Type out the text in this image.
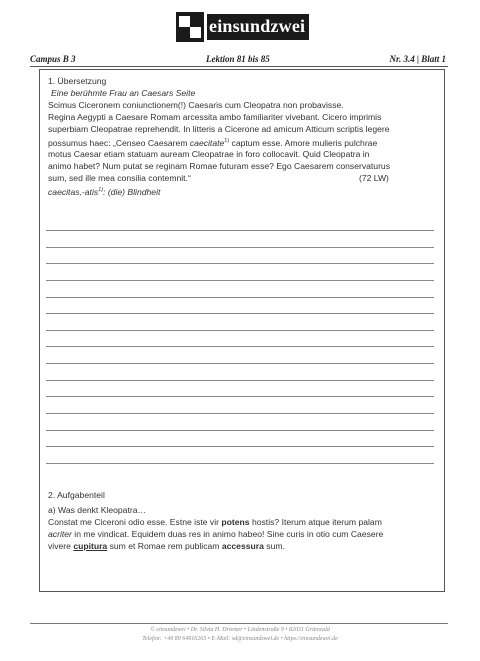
einsundzwei
Campus B 3	Lektion 81 bis 85	Nr. 3.4 | Blatt 1

1. Übersetzung

Eine berühmte Frau an Caesars Seite

Scimus Ciceronem coniunctionem(!) Caesaris cum Cleopatra non probavisse.

Regina Aegypti a Caesare Romam arcessita ambo familiariter vivebant. Cicero imprimis

superbiam Cleopatrae reprehendit. In litteris a Cicerone ad amicum Atticum scriptis legere

possumus haec: „Censeo Caesarem caecitate$^{1)}$ captum esse. Amore mulieris pulchrae

motus Caesar etiam statuam auream Cleopatrae in foro collocavit. Quid Cleopatra in

animo habet? Num putat se reginam Romae futuram esse? Ego Caesarem conservaturus

sum, sed ille mea consilia contemnit.“	(72 LW)

caecitas,-atis$^{1)}$: (die) Blindheit

2. Aufgabenteil

a) Was denkt Kleopatra…

Constat me Ciceroni odio esse. Estne iste vir potens hostis? Iterum atque iterum palam

acriter in me vindicat. Equidem duas res in animo habeo! Sine curis in otio cum Caesere

vivere cupitura sum et Romae rem publicam accessura sum.

© einsundzwei • Dr. Silvia H. Driemer • Lindenstraße 9 • 82031 Grünwald
Telefon: +49 89 64916263 • E-Mail: sd@einsundzwei.de • https://einsundzwei.de
